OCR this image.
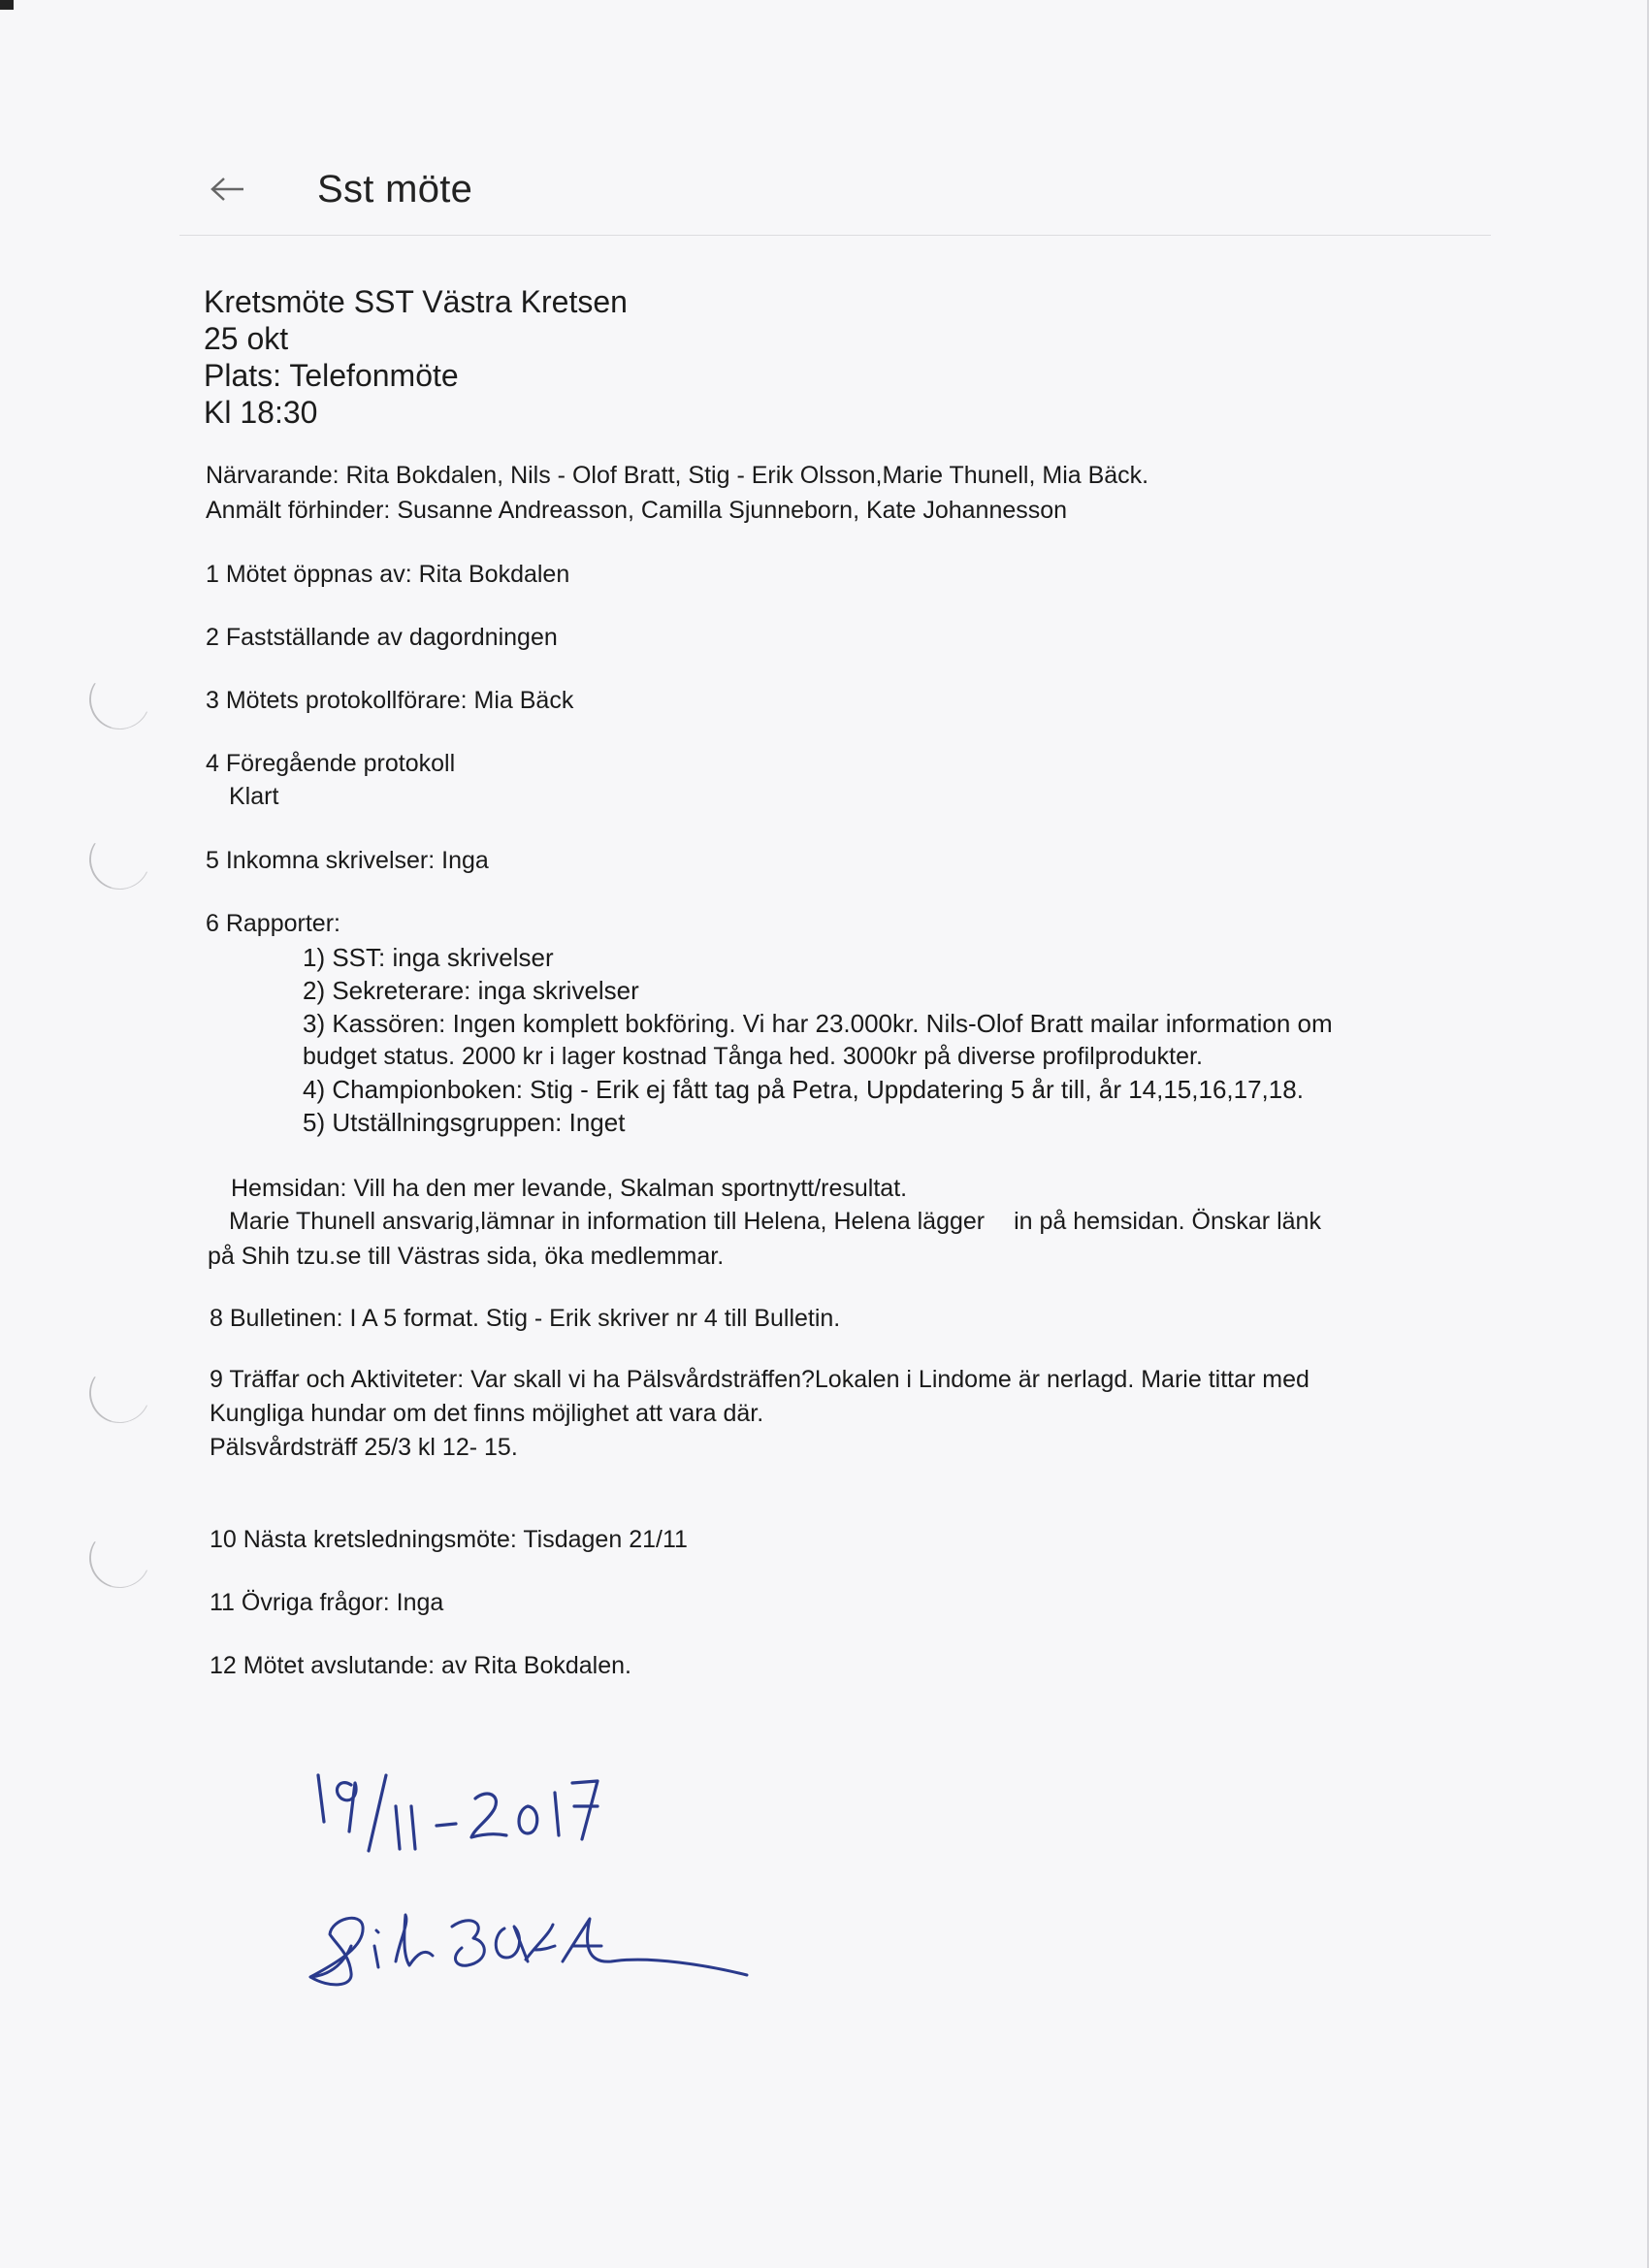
Sst möte
Kretsmöte SST Västra Kretsen
25 okt
Plats: Telefonmöte
Kl 18:30
Närvarande: Rita Bokdalen, Nils - Olof Bratt, Stig - Erik Olsson,Marie Thunell, Mia Bäck.
Anmält förhinder: Susanne Andreasson, Camilla Sjunneborn, Kate Johannesson
1 Mötet öppnas av: Rita Bokdalen
2 Fastställande av dagordningen
3 Mötets protokollförare: Mia Bäck
4 Föregående protokoll
Klart
5 Inkomna skrivelser: Inga
6 Rapporter:
1) SST: inga skrivelser
2) Sekreterare: inga skrivelser
3) Kassören: Ingen komplett bokföring. Vi har 23.000kr. Nils-Olof Bratt mailar information om
budget status. 2000 kr i lager kostnad Tånga hed. 3000kr på diverse profilprodukter.
4) Championboken: Stig - Erik ej fått tag på Petra, Uppdatering 5 år till, år 14,15,16,17,18.
5) Utställningsgruppen: Inget
Hemsidan: Vill ha den mer levande, Skalman sportnytt/resultat.
Marie Thunell ansvarig,lämnar in information till Helena, Helena lägger in på hemsidan. Önskar länk
på Shih tzu.se till Västras sida, öka medlemmar.
8 Bulletinen: I A 5 format. Stig - Erik skriver nr 4 till Bulletin.
9 Träffar och Aktiviteter: Var skall vi ha Pälsvårdsträffen?Lokalen i Lindome är nerlagd. Marie tittar med
Kungliga hundar om det finns möjlighet att vara där.
Pälsvårdsträff 25/3 kl 12- 15.
10 Nästa kretsledningsmöte: Tisdagen 21/11
11 Övriga frågor: Inga
12 Mötet avslutande: av Rita Bokdalen.
